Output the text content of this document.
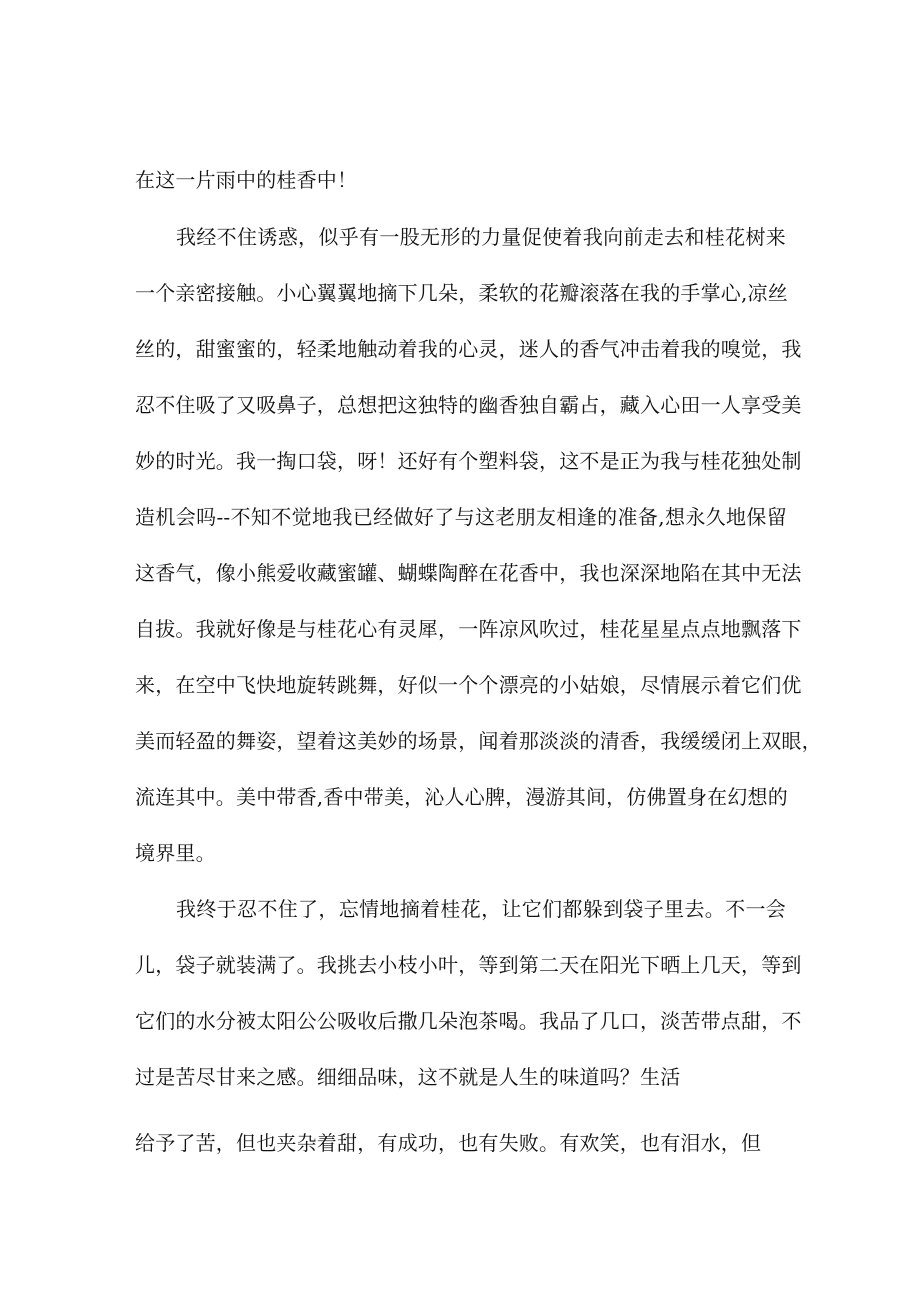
在这一片雨中的桂香中！
我经不住诱惑，似乎有一股无形的力量促使着我向前走去和桂花树来
一个亲密接触。小心翼翼地摘下几朵，柔软的花瓣滚落在我的手掌心,凉丝
丝的，甜蜜蜜的，轻柔地触动着我的心灵，迷人的香气冲击着我的嗅觉，我
忍不住吸了又吸鼻子，总想把这独特的幽香独自霸占，藏入心田一人享受美
妙的时光。我一掏口袋，呀！还好有个塑料袋，这不是正为我与桂花独处制
造机会吗--不知不觉地我已经做好了与这老朋友相逢的准备,想永久地保留
这香气，像小熊爱收藏蜜罐、蝴蝶陶醉在花香中，我也深深地陷在其中无法
自拔。我就好像是与桂花心有灵犀，一阵凉风吹过，桂花星星点点地飘落下
来，在空中飞快地旋转跳舞，好似一个个漂亮的小姑娘，尽情展示着它们优
美而轻盈的舞姿，望着这美妙的场景，闻着那淡淡的清香，我缓缓闭上双眼，
流连其中。美中带香,香中带美，沁人心脾，漫游其间，仿佛置身在幻想的
境界里。
我终于忍不住了，忘情地摘着桂花，让它们都躲到袋子里去。不一会
儿，袋子就装满了。我挑去小枝小叶，等到第二天在阳光下晒上几天，等到
它们的水分被太阳公公吸收后撒几朵泡茶喝。我品了几口，淡苦带点甜，不
过是苦尽甘来之感。细细品味，这不就是人生的味道吗？生活
给予了苦，但也夹杂着甜，有成功，也有失败。有欢笑，也有泪水，但
